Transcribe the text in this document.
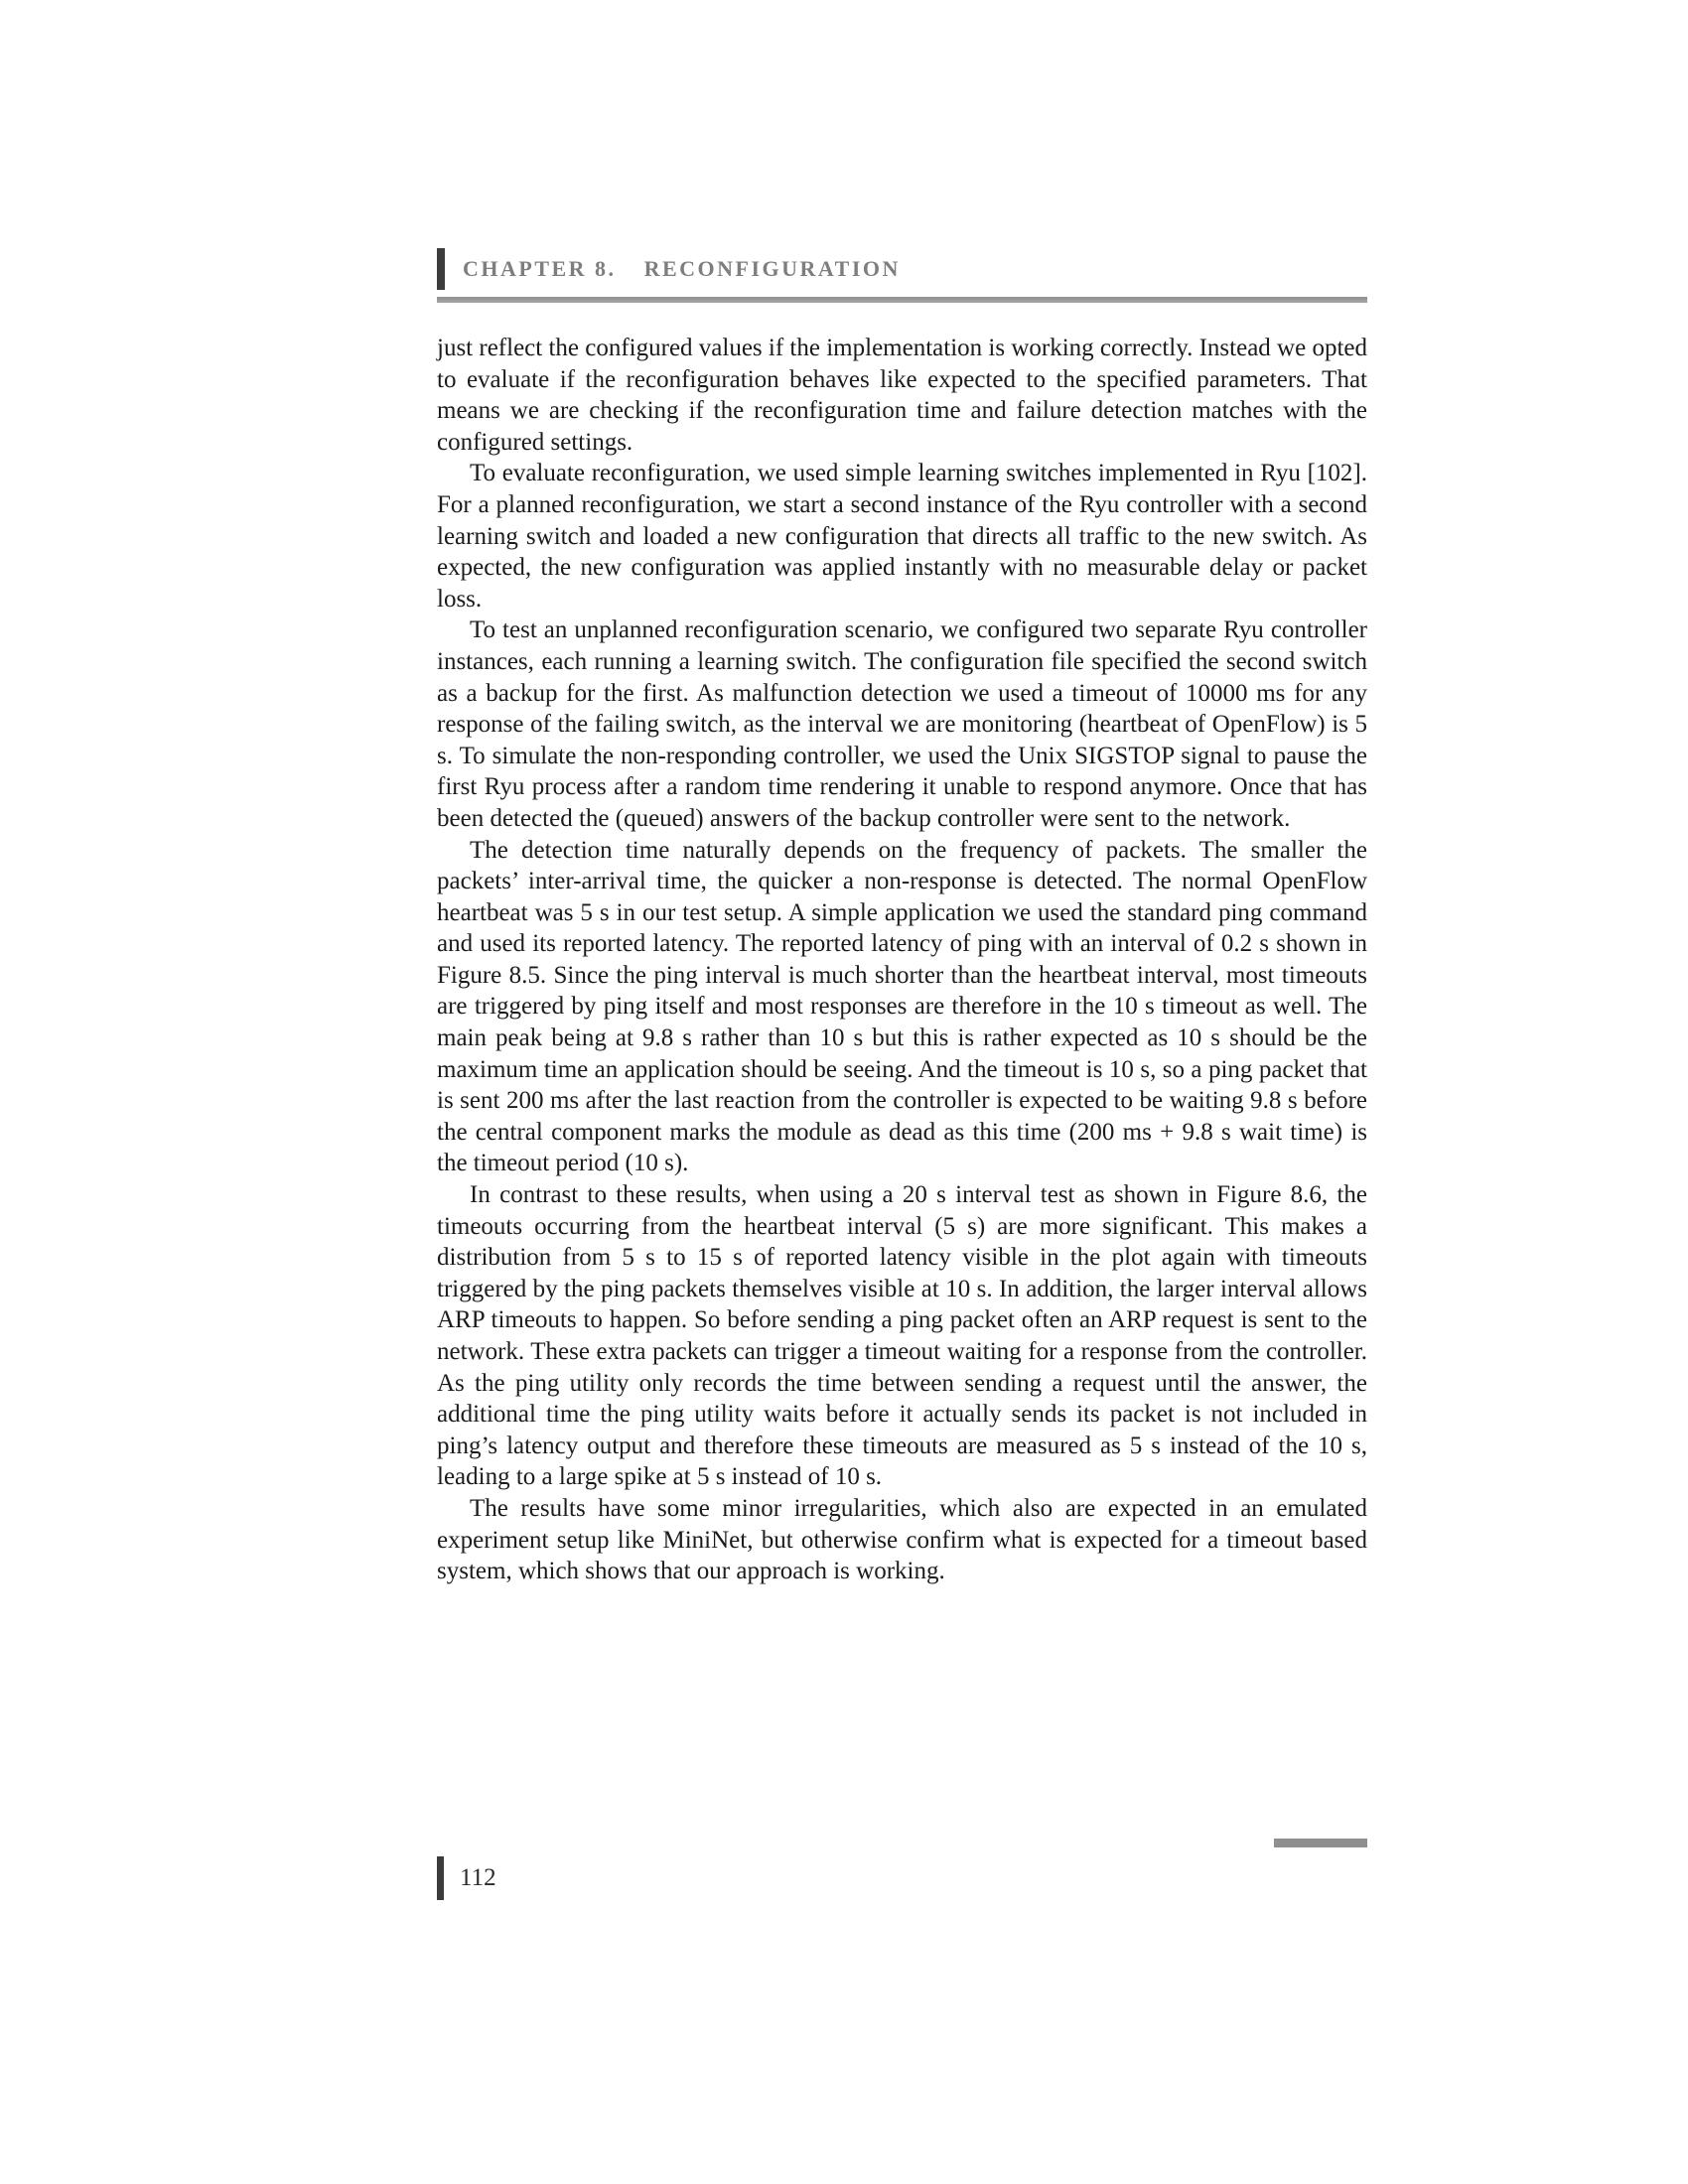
CHAPTER 8. RECONFIGURATION

just reflect the configured values if the implementation is working correctly. Instead we opted to evaluate if the reconfiguration behaves like expected to the specified parameters. That means we are checking if the reconfiguration time and failure detection matches with the configured settings.

To evaluate reconfiguration, we used simple learning switches implemented in Ryu [102]. For a planned reconfiguration, we start a second instance of the Ryu controller with a second learning switch and loaded a new configuration that directs all traffic to the new switch. As expected, the new configuration was applied instantly with no measurable delay or packet loss.

To test an unplanned reconfiguration scenario, we configured two separate Ryu controller instances, each running a learning switch. The configuration file specified the second switch as a backup for the first. As malfunction detection we used a timeout of 10000 ms for any response of the failing switch, as the interval we are monitoring (heartbeat of OpenFlow) is 5 s. To simulate the non-responding controller, we used the Unix SIGSTOP signal to pause the first Ryu process after a random time rendering it unable to respond anymore. Once that has been detected the (queued) answers of the backup controller were sent to the network.

The detection time naturally depends on the frequency of packets. The smaller the packets’ inter-arrival time, the quicker a non-response is detected. The normal OpenFlow heartbeat was 5 s in our test setup. A simple application we used the standard ping command and used its reported latency. The reported latency of ping with an interval of 0.2 s shown in Figure 8.5. Since the ping interval is much shorter than the heartbeat interval, most timeouts are triggered by ping itself and most responses are therefore in the 10 s timeout as well. The main peak being at 9.8 s rather than 10 s but this is rather expected as 10 s should be the maximum time an application should be seeing. And the timeout is 10 s, so a ping packet that is sent 200 ms after the last reaction from the controller is expected to be waiting 9.8 s before the central component marks the module as dead as this time (200 ms + 9.8 s wait time) is the timeout period (10 s).

In contrast to these results, when using a 20 s interval test as shown in Figure 8.6, the timeouts occurring from the heartbeat interval (5 s) are more significant. This makes a distribution from 5 s to 15 s of reported latency visible in the plot again with timeouts triggered by the ping packets themselves visible at 10 s. In addition, the larger interval allows ARP timeouts to happen. So before sending a ping packet often an ARP request is sent to the network. These extra packets can trigger a timeout waiting for a response from the controller. As the ping utility only records the time between sending a request until the answer, the additional time the ping utility waits before it actually sends its packet is not included in ping’s latency output and therefore these timeouts are measured as 5 s instead of the 10 s, leading to a large spike at 5 s instead of 10 s.

The results have some minor irregularities, which also are expected in an emulated experiment setup like MiniNet, but otherwise confirm what is expected for a timeout based system, which shows that our approach is working.

112
